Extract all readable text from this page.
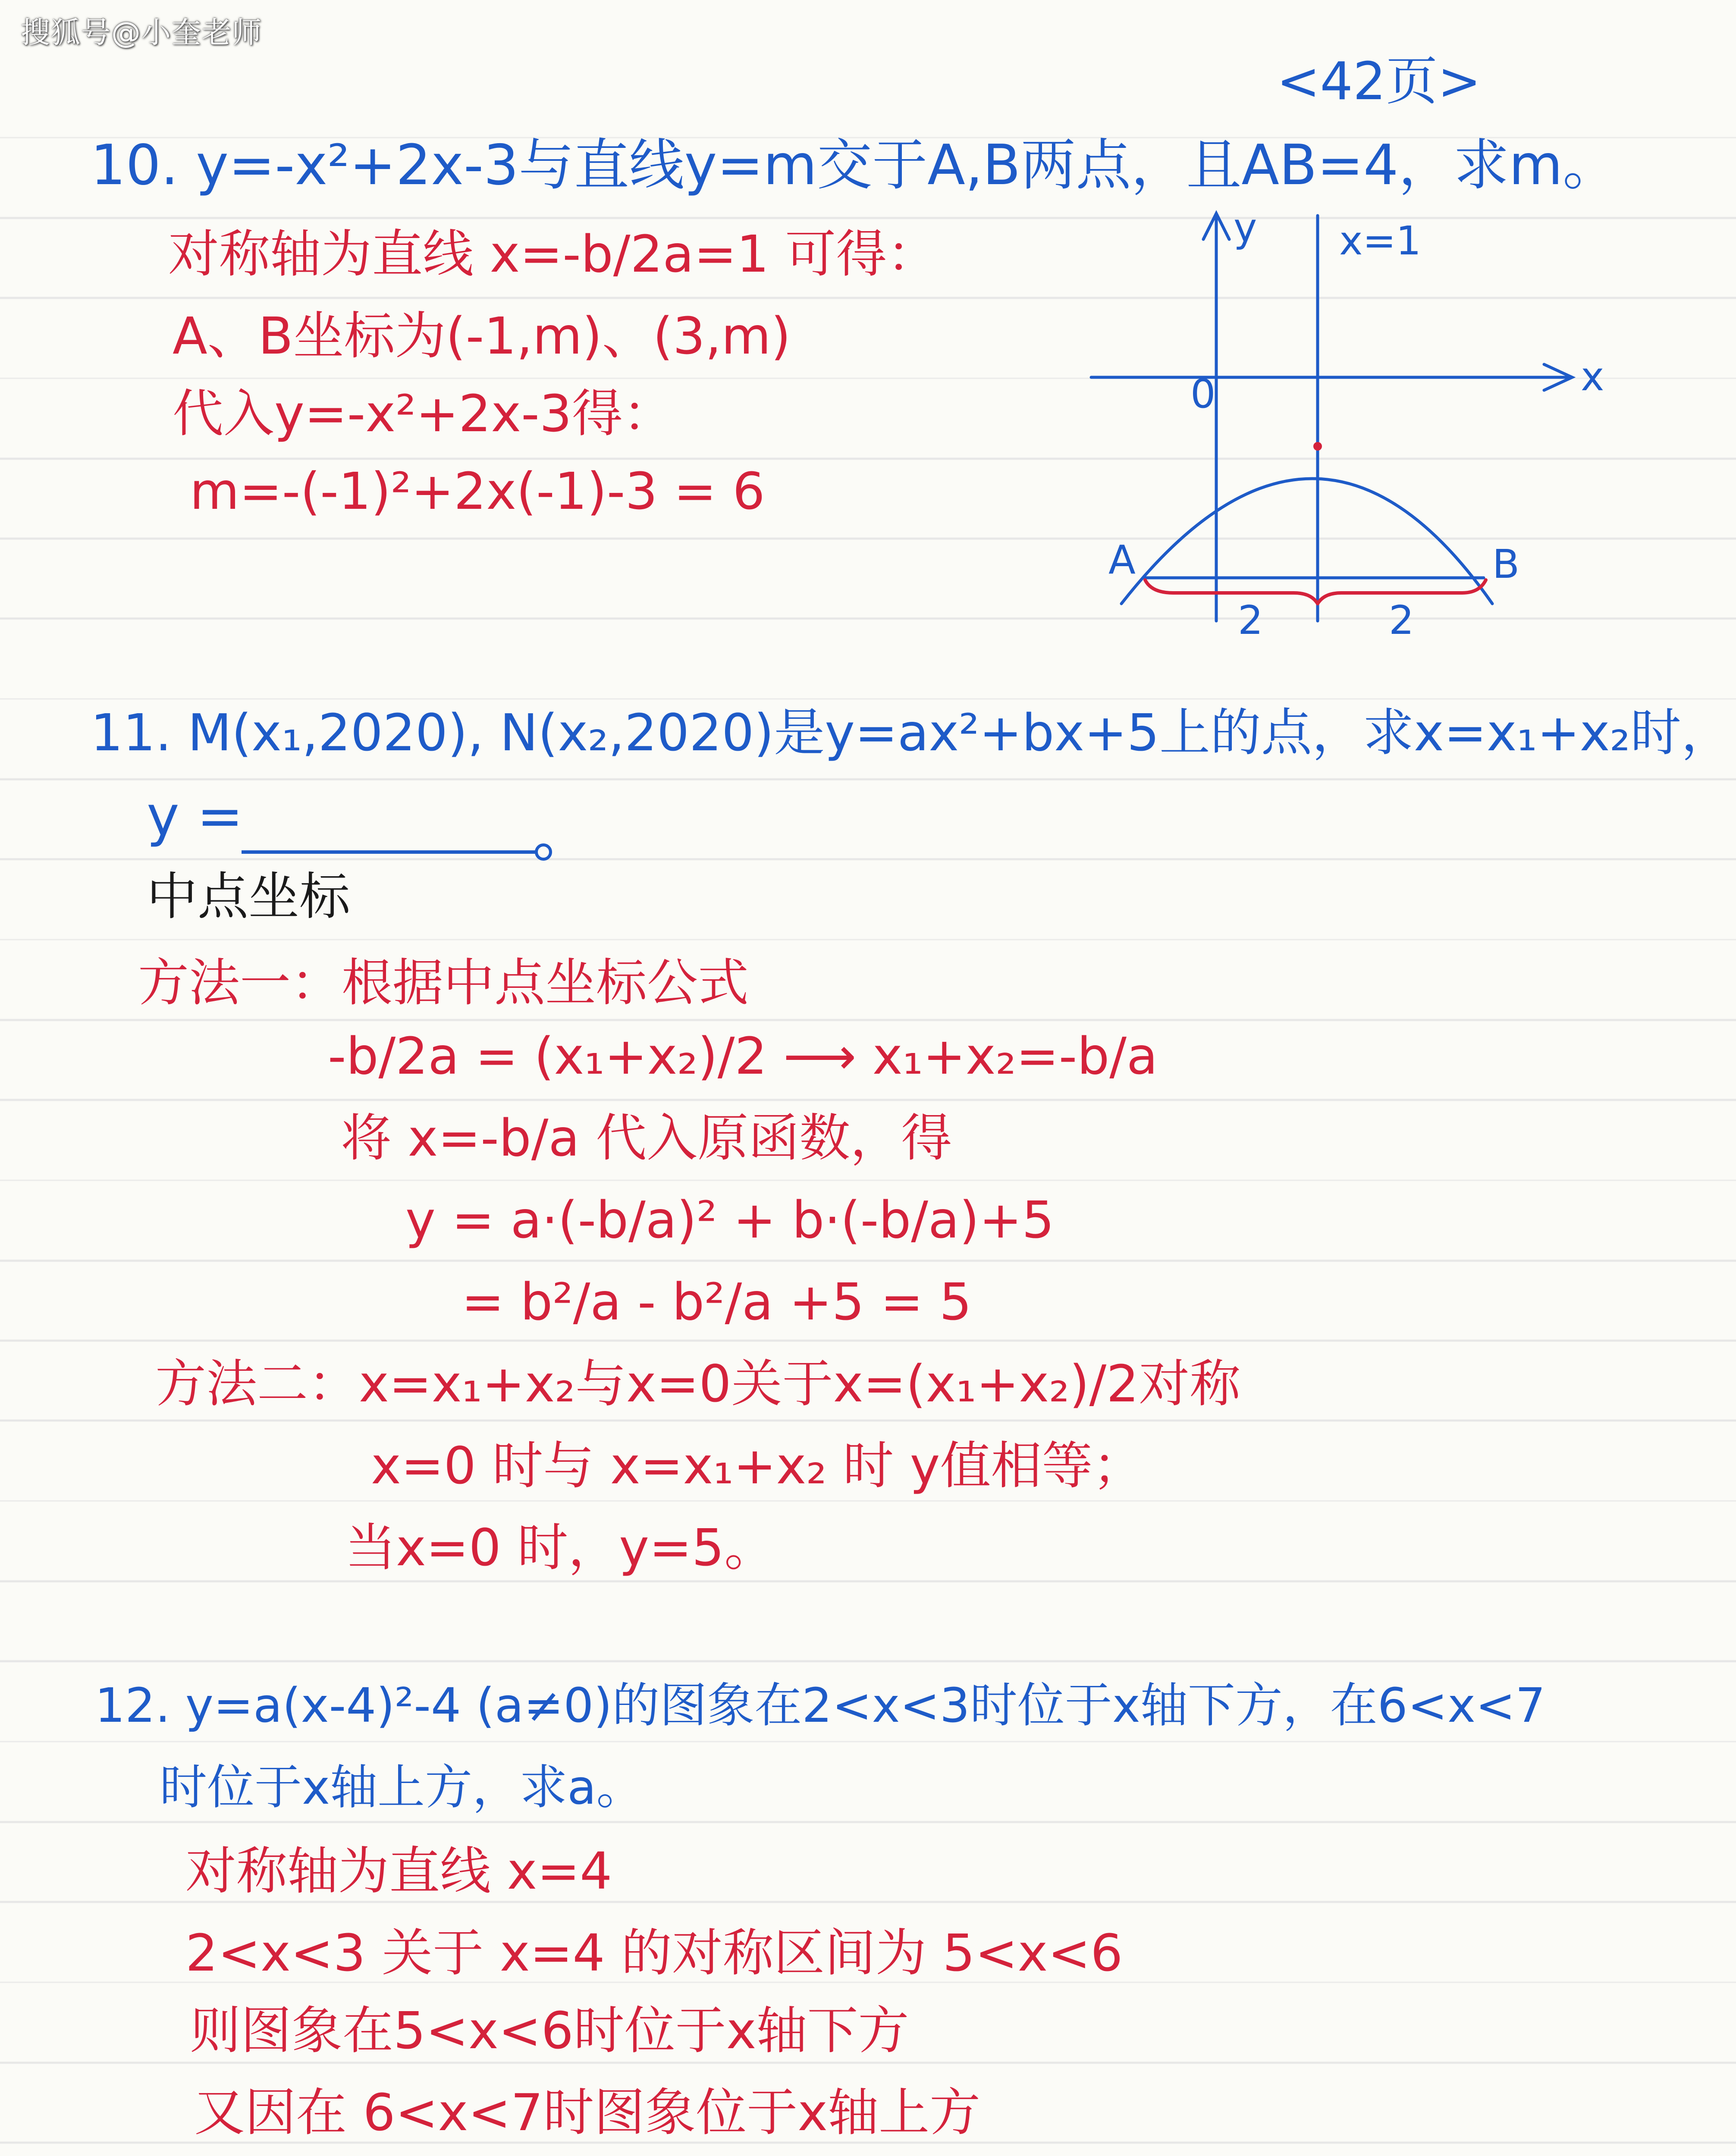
搜狐号@小奎老师
<42页>
10. y=-x²+2x-3与直线y=m交于A,B两点，且AB=4，求m。
对称轴为直线 x=-b/2a=1 可得：
A、B坐标为(-1,m)、(3,m)
代入y=-x²+2x-3得：
m=-(-1)²+2x(-1)-3 = 6
y
x
0
x=1
A	B
2	2
11. M(x₁,2020), N(x₂,2020)是y=ax²+bx+5上的点，求x=x₁+x₂时，
y =
中点坐标
方法一：根据中点坐标公式
-b/2a = (x₁+x₂)/2 ⟶ x₁+x₂=-b/a
将 x=-b/a 代入原函数，得
y = a·(-b/a)² + b·(-b/a)+5
= b²/a - b²/a +5 = 5
方法二：x=x₁+x₂与x=0关于x=(x₁+x₂)/2对称
x=0 时与 x=x₁+x₂ 时 y值相等；
当x=0 时，y=5。
12. y=a(x-4)²-4 (a≠0)的图象在2<x<3时位于x轴下方，在6<x<7
时位于x轴上方，求a。
对称轴为直线 x=4
2<x<3 关于 x=4 的对称区间为 5<x<6
则图象在5<x<6时位于x轴下方
又因在 6<x<7时图象位于x轴上方
